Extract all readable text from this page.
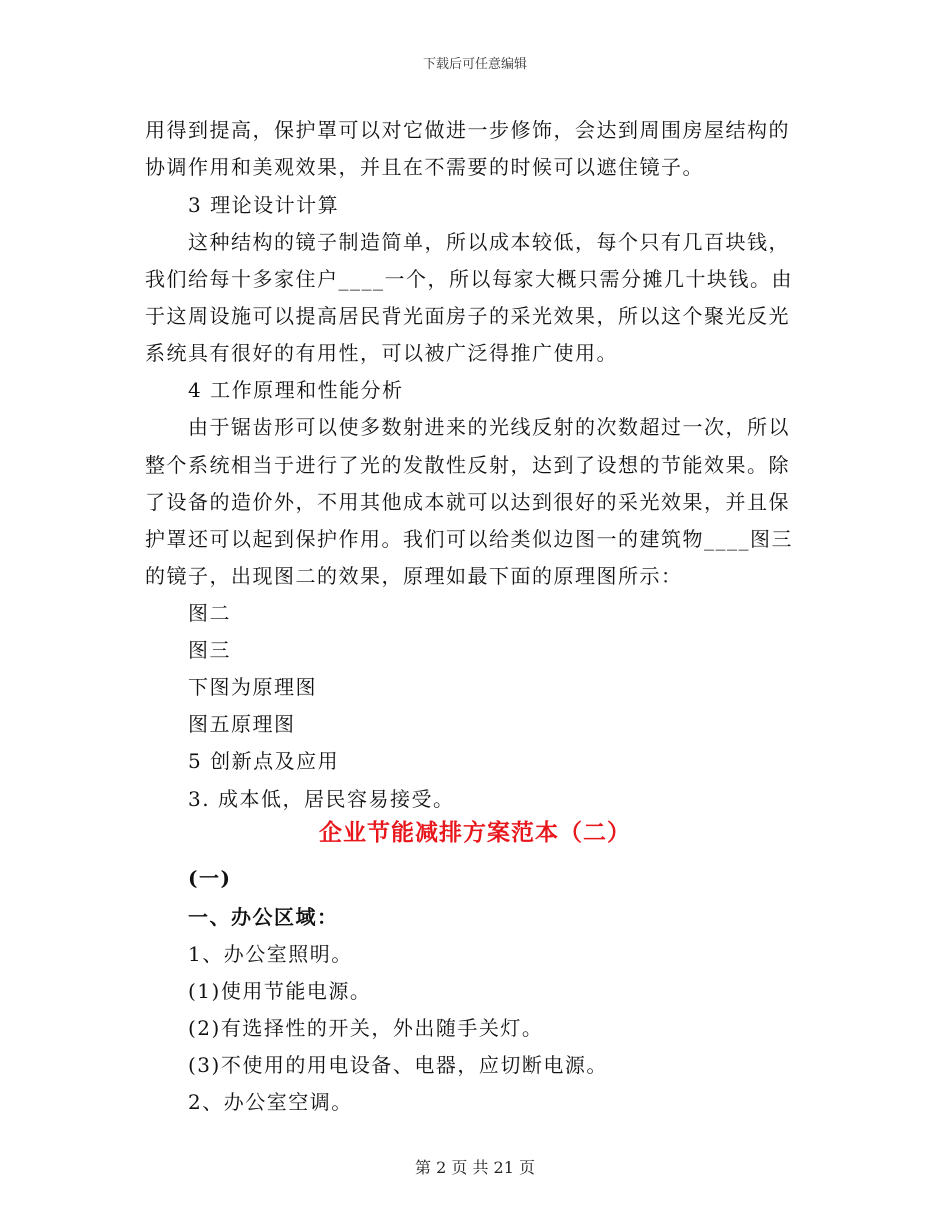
下载后可任意编辑
用得到提高，保护罩可以对它做进一步修饰，会达到周围房屋结构的
协调作用和美观效果，并且在不需要的时候可以遮住镜子。
3 理论设计计算
这种结构的镜子制造简单，所以成本较低，每个只有几百块钱，
我们给每十多家住户____一个，所以每家大概只需分摊几十块钱。由
于这周设施可以提高居民背光面房子的采光效果，所以这个聚光反光
系统具有很好的有用性，可以被广泛得推广使用。
4 工作原理和性能分析
由于锯齿形可以使多数射进来的光线反射的次数超过一次，所以
整个系统相当于进行了光的发散性反射，达到了设想的节能效果。除
了设备的造价外，不用其他成本就可以达到很好的采光效果，并且保
护罩还可以起到保护作用。我们可以给类似边图一的建筑物____图三
的镜子，出现图二的效果，原理如最下面的原理图所示：
图二
图三
下图为原理图
图五原理图
5 创新点及应用
3. 成本低，居民容易接受。
企业节能减排方案范本（二）
(一)
一、办公区域：
1、办公室照明。
(1)使用节能电源。
(2)有选择性的开关，外出随手关灯。
(3)不使用的用电设备、电器，应切断电源。
2、办公室空调。
第 2 页 共 21 页
